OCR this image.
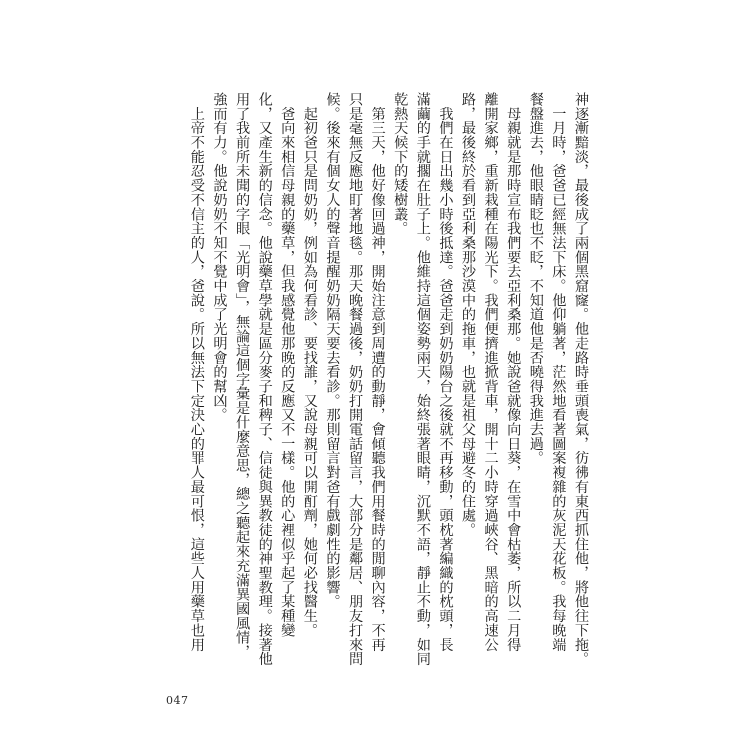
神逐漸黯淡，最後成了兩個黑窟窿。他走路時垂頭喪氣，彷彿有東西抓住他，將他往下拖。
　一月時，爸爸已經無法下床。他仰躺著，茫然地看著圖案複雜的灰泥天花板。我每晚端
餐盤進去，他眼睛眨也不眨，不知道他是否曉得我進去過。
　母親就是那時宣布我們要去亞利桑那。她說爸就像向日葵，在雪中會枯萎，所以二月得
離開家鄉，重新栽種在陽光下。我們便擠進掀背車，開十二小時穿過峽谷、黑暗的高速公
路，最後終於看到亞利桑那沙漠中的拖車，也就是祖父母避冬的住處。
　我們在日出幾小時後抵達。爸爸走到奶奶陽台之後就不再移動，頭枕著編織的枕頭，長
滿繭的手就擱在肚子上。他維持這個姿勢兩天，始終張著眼睛，沉默不語，靜止不動，如同
乾熱天候下的矮樹叢。
　第三天，他好像回過神，開始注意到周遭的動靜，會傾聽我們用餐時的閒聊內容，不再
只是毫無反應地盯著地毯。那天晚餐過後，奶奶打開電話留言，大部分是鄰居、朋友打來問
候。後來有個女人的聲音提醒奶奶隔天要去看診。那則留言對爸有戲劇性的影響。
　起初爸只是問奶奶，例如為何看診、要找誰，又說母親可以開酊劑，她何必找醫生。
　爸向來相信母親的藥草，但我感覺他那晚的反應又不一樣。他的心裡似乎起了某種變
化，又產生新的信念。他說藥草學就是區分麥子和稗子、信徒與異教徒的神聖教理。接著他
用了我前所未聞的字眼「光明會」，無論這個字彙是什麼意思，總之聽起來充滿異國風情，
強而有力。他說奶奶不知不覺中成了光明會的幫凶。
　上帝不能忍受不信主的人，爸說。所以無法下定決心的罪人最可恨，這些人用藥草也用
047
